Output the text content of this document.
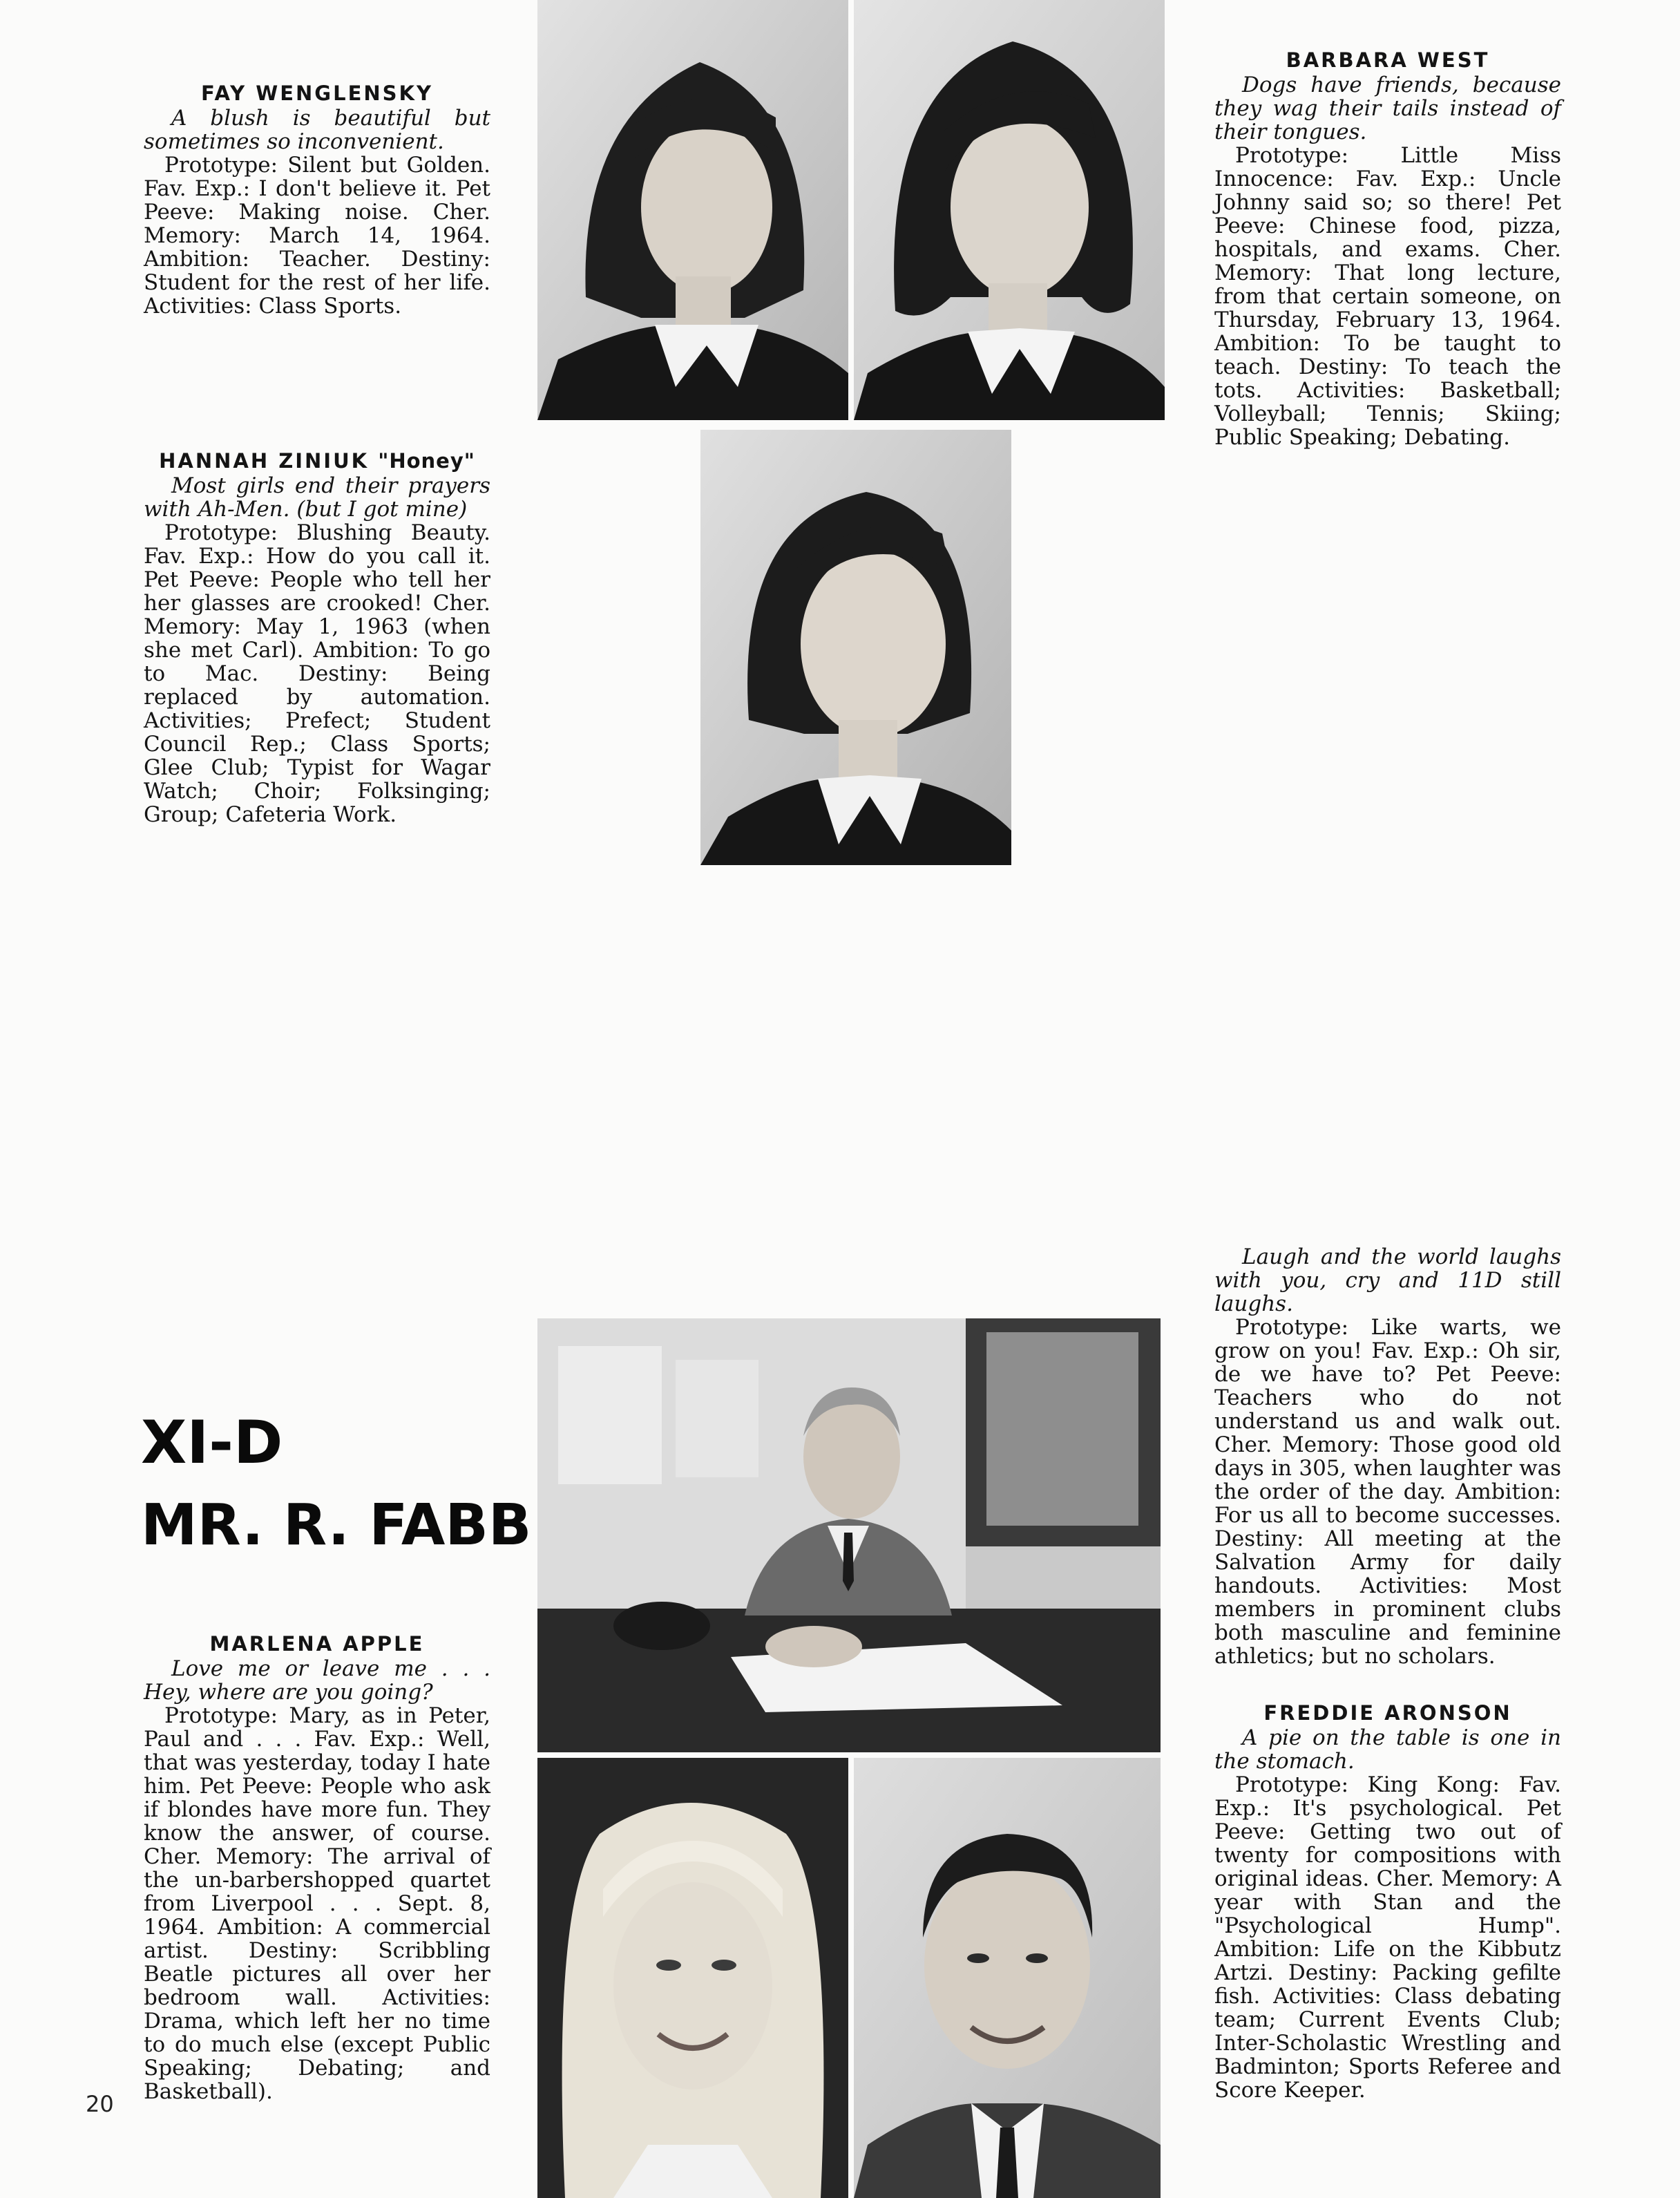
FAY WENGLENSKY
A blush is beautiful but sometimes so inconvenient.
Prototype: Silent but Golden. Fav. Exp.: I don't believe it. Pet Peeve: Making noise. Cher. Memory: March 14, 1964. Ambition: Teacher. Destiny: Student for the rest of her life. Activities: Class Sports.
BARBARA WEST
Dogs have friends, because they wag their tails instead of their tongues.
Prototype: Little Miss Innocence: Fav. Exp.: Uncle Johnny said so; so there! Pet Peeve: Chinese food, pizza, hospitals, and exams. Cher. Memory: That long lecture, from that certain someone, on Thursday, February 13, 1964. Ambition: To be taught to teach. Destiny: To teach the tots. Activities: Basketball; Volleyball; Tennis; Skiing; Public Speaking; Debating.
HANNAH ZINIUK "Honey"
Most girls end their prayers with Ah-Men. (but I got mine)
Prototype: Blushing Beauty. Fav. Exp.: How do you call it. Pet Peeve: People who tell her her glasses are crooked! Cher. Memory: May 1, 1963 (when she met Carl). Ambition: To go to Mac. Destiny: Being replaced by automation. Activities; Prefect; Student Council Rep.; Class Sports; Glee Club; Typist for Wagar Watch; Choir; Folksinging; Group; Cafeteria Work.
Laugh and the world laughs with you, cry and 11D still laughs.
Prototype: Like warts, we grow on you! Fav. Exp.: Oh sir, de we have to? Pet Peeve: Teachers who do not understand us and walk out. Cher. Memory: Those good old days in 305, when laughter was the order of the day. Ambition: For us all to become successes. Destiny: All meeting at the Salvation Army for daily handouts. Activities: Most members in prominent clubs both masculine and feminine athletics; but no scholars.
MARLENA APPLE
Love me or leave me . . . Hey, where are you going?
Prototype: Mary, as in Peter, Paul and . . . Fav. Exp.: Well, that was yesterday, today I hate him. Pet Peeve: People who ask if blondes have more fun. They know the answer, of course. Cher. Memory: The arrival of the un-barbershopped quartet from Liverpool . . . Sept. 8, 1964. Ambition: A commercial artist. Destiny: Scribbling Beatle pictures all over her bedroom wall. Activities: Drama, which left her no time to do much else (except Public Speaking; Debating; and Basketball).
FREDDIE ARONSON
A pie on the table is one in the stomach.
Prototype: King Kong: Fav. Exp.: It's psychological. Pet Peeve: Getting two out of twenty for compositions with original ideas. Cher. Memory: A year with Stan and the "Psychological Hump". Ambition: Life on the Kibbutz Artzi. Destiny: Packing gefilte fish. Activities: Class debating team; Current Events Club; Inter-Scholastic Wrestling and Badminton; Sports Referee and Score Keeper.
XI-D
MR. R. FABB
20
